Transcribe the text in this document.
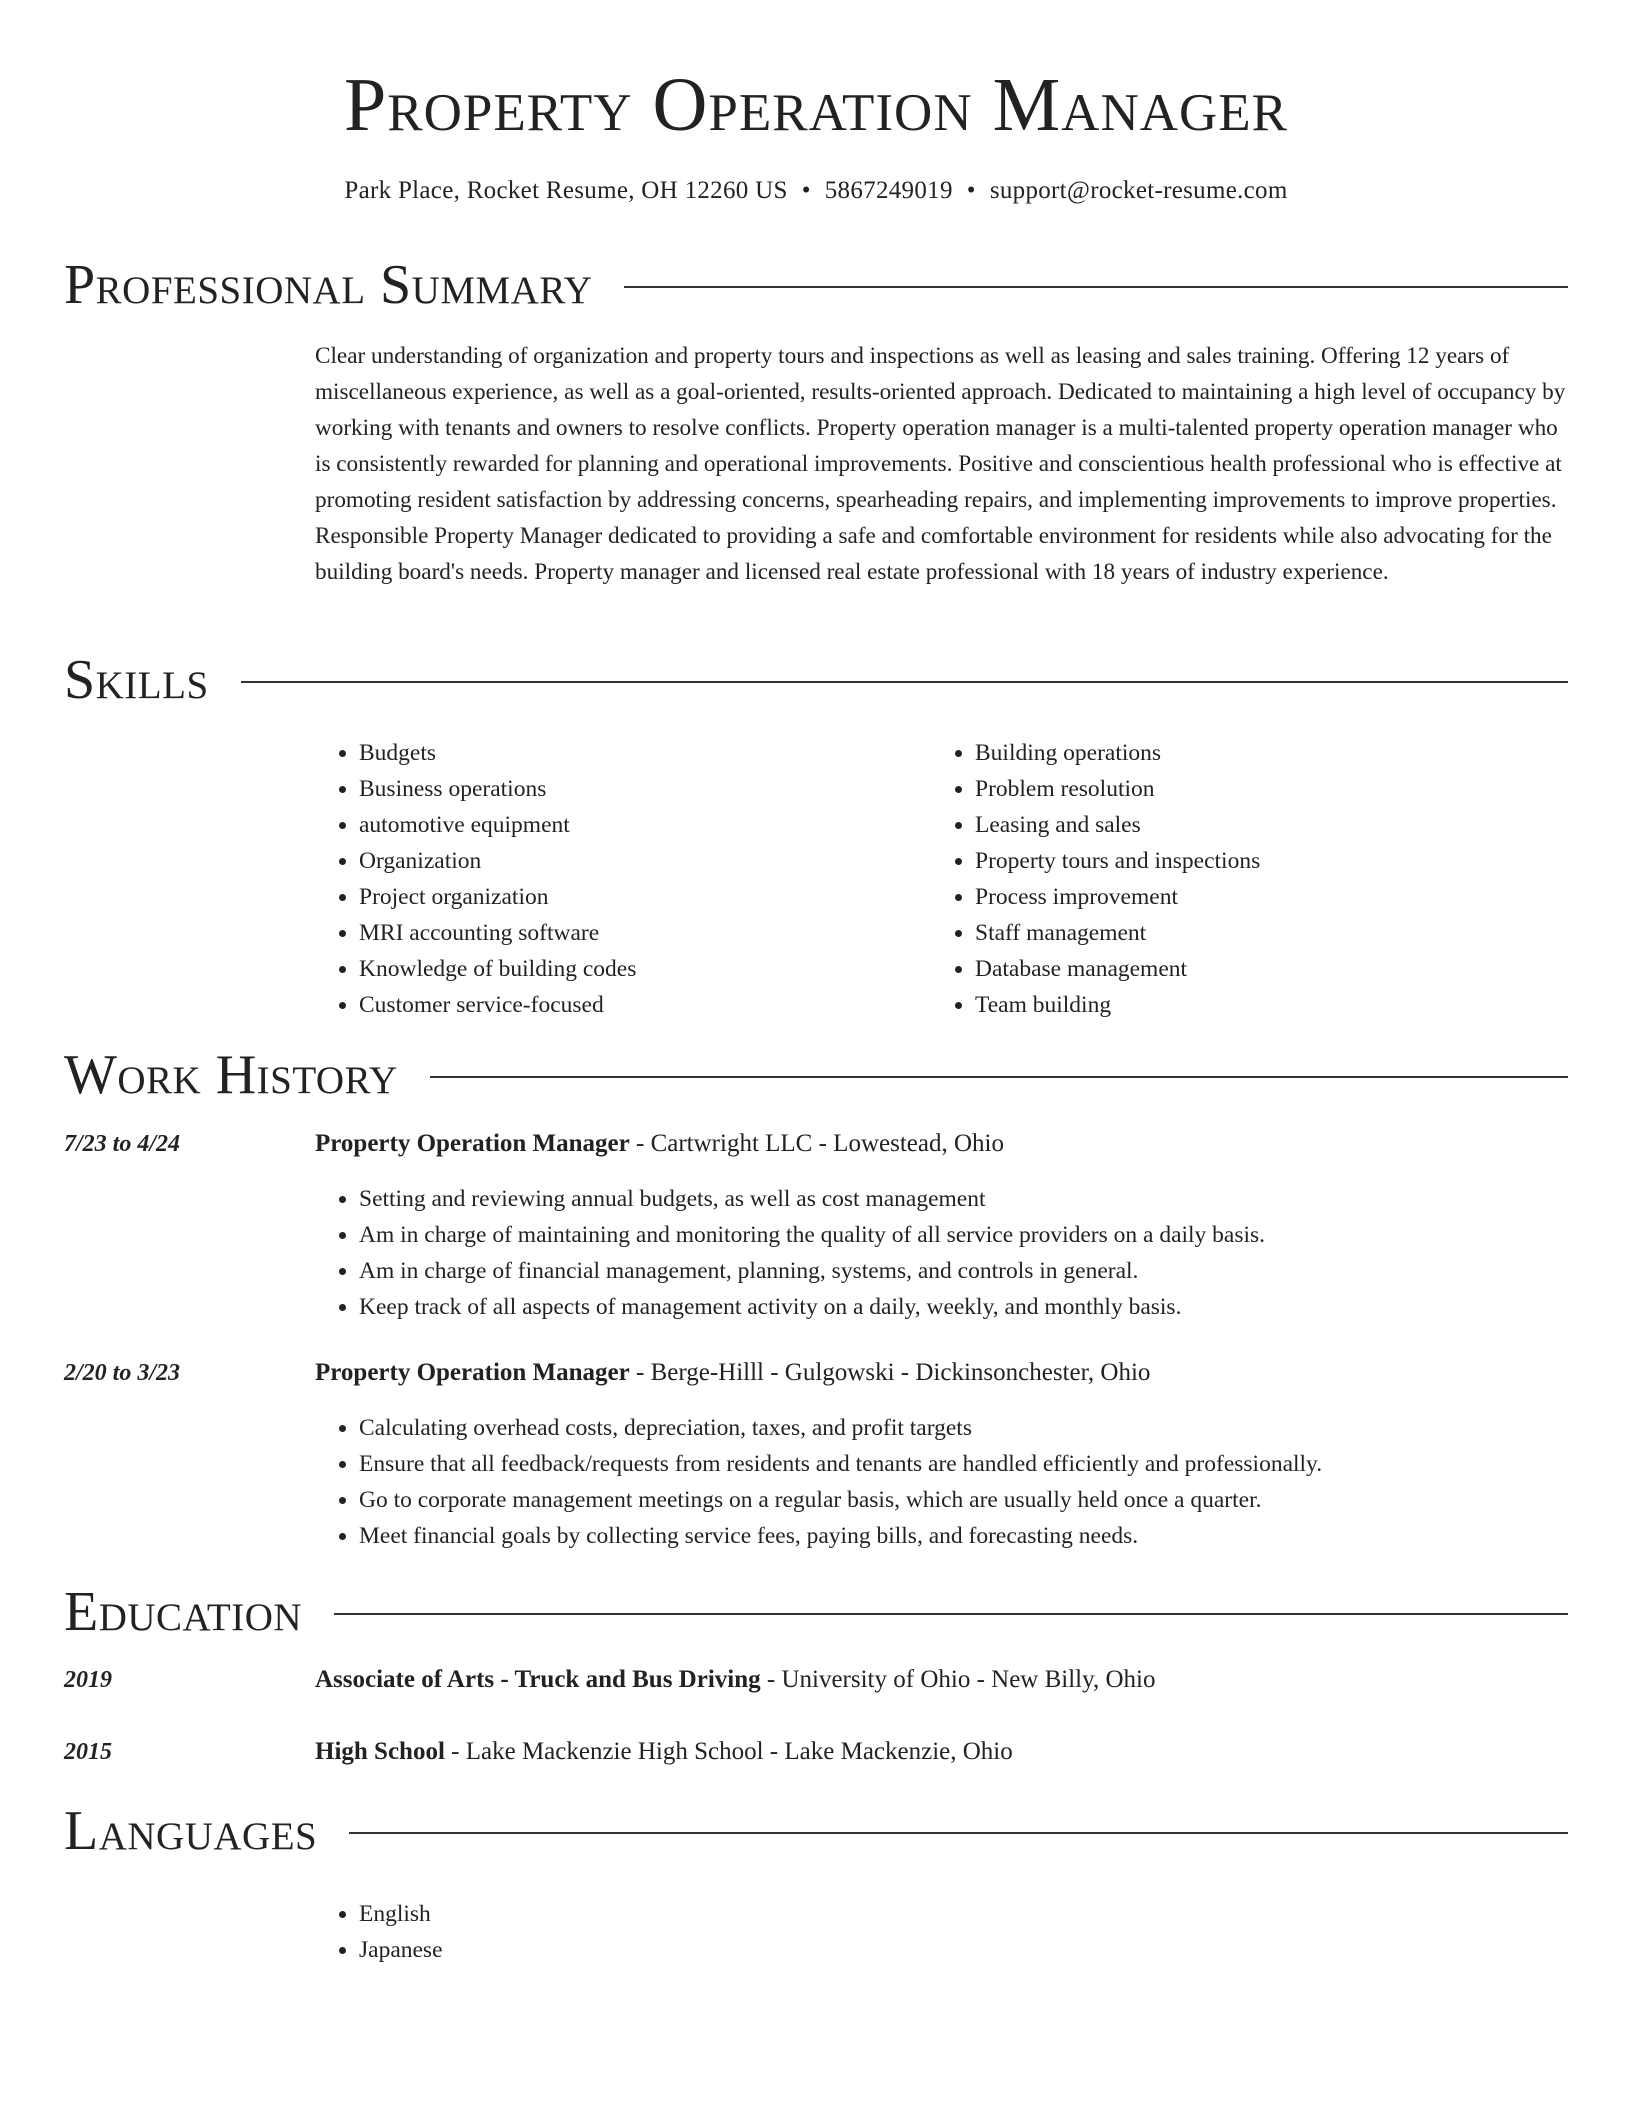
Property Operation Manager
Park Place, Rocket Resume, OH 12260 US • 5867249019 • support@rocket-resume.com
Professional Summary

Clear understanding of organization and property tours and inspections as well as leasing and sales training. Offering 12 years of miscellaneous experience, as well as a goal-oriented, results-oriented approach. Dedicated to maintaining a high level of occupancy by working with tenants and owners to resolve conflicts. Property operation manager is a multi-talented property operation manager who is consistently rewarded for planning and operational improvements. Positive and conscientious health professional who is effective at promoting resident satisfaction by addressing concerns, spearheading repairs, and implementing improvements to improve properties. Responsible Property Manager dedicated to providing a safe and comfortable environment for residents while also advocating for the building board's needs. Property manager and licensed real estate professional with 18 years of industry experience.

Skills
• Budgets
• Business operations
• automotive equipment
• Organization
• Project organization
• MRI accounting software
• Knowledge of building codes
• Customer service-focused
• Building operations
• Problem resolution
• Leasing and sales
• Property tours and inspections
• Process improvement
• Staff management
• Database management
• Team building
Work History
7/23 to 4/24	Property Operation Manager - Cartwright LLC - Lowestead, Ohio
• Setting and reviewing annual budgets, as well as cost management
• Am in charge of maintaining and monitoring the quality of all service providers on a daily basis.
• Am in charge of financial management, planning, systems, and controls in general.
• Keep track of all aspects of management activity on a daily, weekly, and monthly basis.
2/20 to 3/23	Property Operation Manager - Berge-Hilll - Gulgowski - Dickinsonchester, Ohio
• Calculating overhead costs, depreciation, taxes, and profit targets
• Ensure that all feedback/requests from residents and tenants are handled efficiently and professionally.
• Go to corporate management meetings on a regular basis, which are usually held once a quarter.
• Meet financial goals by collecting service fees, paying bills, and forecasting needs.
Education
2019	Associate of Arts - Truck and Bus Driving - University of Ohio - New Billy, Ohio
2015	High School - Lake Mackenzie High School - Lake Mackenzie, Ohio
Languages
• English
• Japanese
